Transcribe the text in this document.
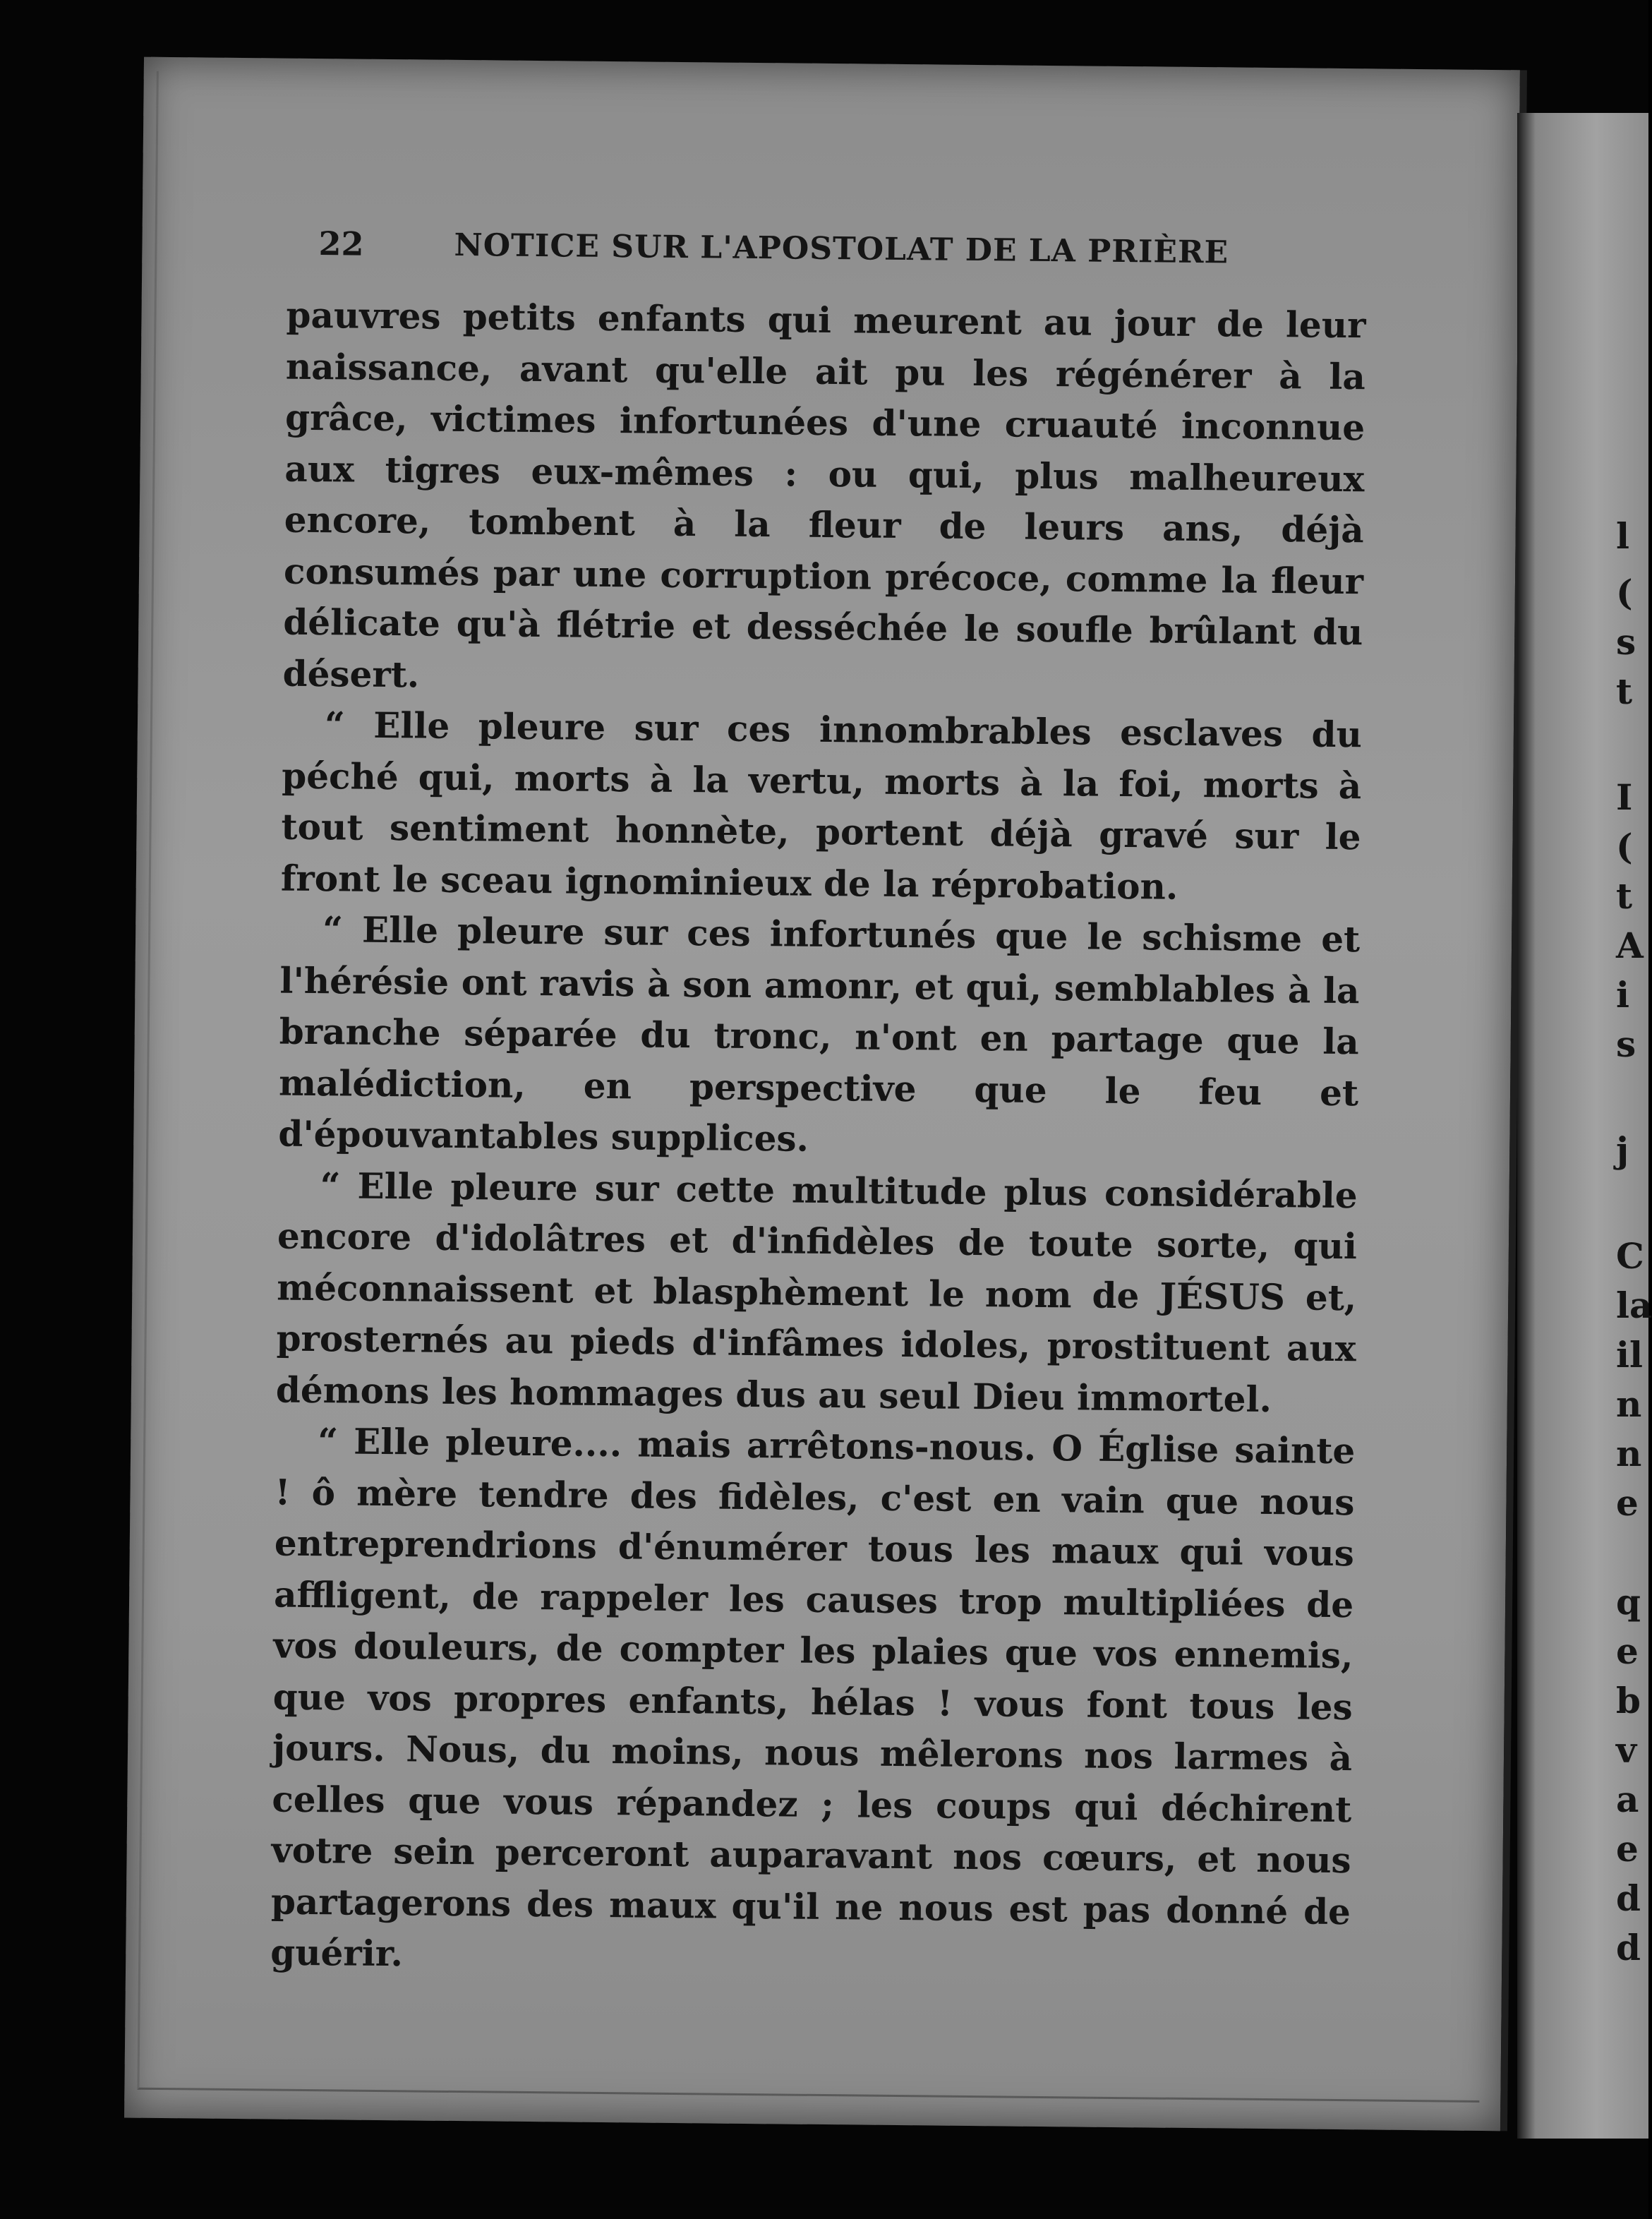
22	NOTICE SUR L'APOSTOLAT DE LA PRIÈRE

pauvres petits enfants qui meurent au jour de leur naissance, avant qu'elle ait pu les régénérer à la grâce, victimes infortunées d'une cruauté inconnue aux tigres eux-mêmes : ou qui, plus malheureux encore, tombent à la fleur de leurs ans, déjà consumés par une corruption précoce, comme la fleur délicate qu'à flétrie et desséchée le soufle brûlant du désert.

“ Elle pleure sur ces innombrables esclaves du péché qui, morts à la vertu, morts à la foi, morts à tout sentiment honnète, portent déjà gravé sur le front le sceau ignominieux de la réprobation.

“ Elle pleure sur ces infortunés que le schisme et l'hérésie ont ravis à son amonr, et qui, semblables à la branche séparée du tronc, n'ont en partage que la malédiction, en perspective que le feu et d'épouvantables supplices.

“ Elle pleure sur cette multitude plus considérable encore d'idolâtres et d'infidèles de toute sorte, qui méconnaissent et blasphèment le nom de JÉSUS et, prosternés au pieds d'infâmes idoles, prostituent aux démons les hommages dus au seul Dieu immortel.

“ Elle pleure.... mais arrêtons-nous. O Église sainte ! ô mère tendre des fidèles, c'est en vain que nous entreprendrions d'énumérer tous les maux qui vous affligent, de rappeler les causes trop multipliées de vos douleurs, de compter les plaies que vos ennemis, que vos propres enfants, hélas ! vous font tous les jours. Nous, du moins, nous mêlerons nos larmes à celles que vous répandez ; les coups qui déchirent votre sein perceront auparavant nos cœurs, et nous partagerons des maux qu'il ne nous est pas donné de guérir.

l
(
s
t
I
(
t
A
i
s
j
C
la
il
n
n
e
q
e
b
v
a
e
d
d
